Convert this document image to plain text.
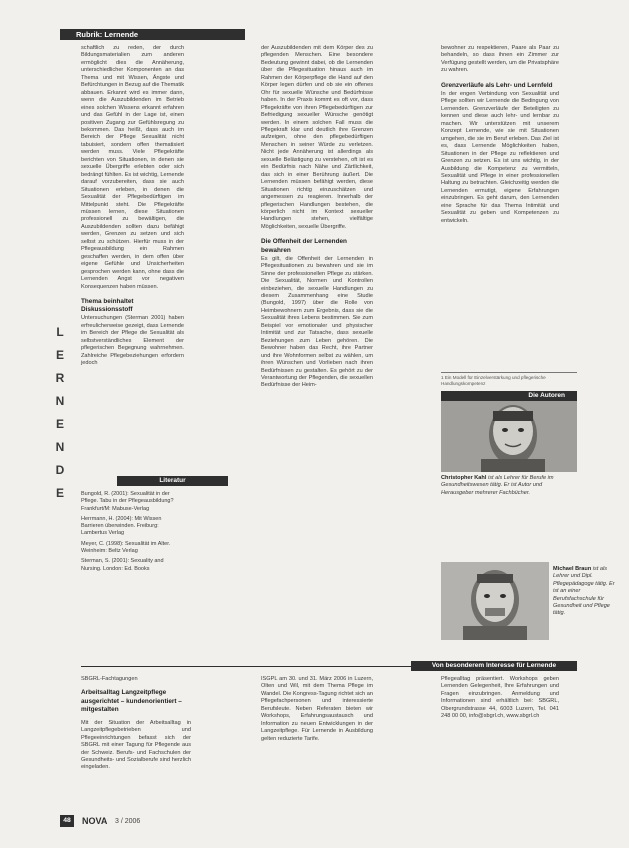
Rubrik: Lernende
L
E
R
N
E
N
D
E

schaftlich zu reden, der durch Bildungsmaterialien zum anderen ermöglicht dies die Annäherung, unterschiedlicher Komponenten an das Thema und mit Wissen, Ängste und Befürchtungen in Bezug auf die Thematik abbauen. Erkannt wird es immer dann, wenn die Auszubildenden im Betrieb eines solchen Wissens erkannt erfahren und das Gefühl in der Lage ist, einen positiven Zugang zur Gefühlsregung zu bekommen. Das heißt, dass auch im Bereich der Pflege Sexualität nicht tabuisiert, sondern offen thematisiert werden muss. Viele Pflegekräfte berichten von Situationen, in denen sie sexuelle Übergriffe erlebten oder sich bedrängt fühlten. Es ist wichtig, Lernende darauf vorzubereiten, dass sie auch Situationen erleben, in denen die Sexualität der Pflegebedürftigen im Mittelpunkt steht. Die Pflegekräfte müssen lernen, diese Situationen professionell zu bewältigen, die Auszubildenden sollten dazu befähigt werden, Grenzen zu setzen und sich selbst zu schützen. Hierfür muss in der Pflegeausbildung ein Rahmen geschaffen werden, in dem offen über eigene Gefühle und Unsicherheiten gesprochen werden kann, ohne dass die Lernenden Angst vor negativen Konsequenzen haben müssen.

Thema beinhaltet Diskussionsstoff

Untersuchungen (Sterman 2001) haben erfreulicherweise gezeigt, dass Lernende im Bereich der Pflege die Sexualität als selbstverständliches Element der pflegerischen Begegnung wahrnehmen. Zahlreiche Pflegebeziehungen erfordern jedoch

der Auszubildenden mit dem Körper des zu pflegenden Menschen. Eine besondere Bedeutung gewinnt dabei, ob die Lernenden über die Pflegesituation hinaus auch im Rahmen der Körperpflege die Hand auf den Körper legen dürfen und ob sie ein offenes Ohr für sexuelle Wünsche und Bedürfnisse haben. In der Praxis kommt es oft vor, dass Pflegekräfte von ihren Pflegebedürftigen zur Befriedigung sexueller Wünsche genötigt werden. In einem solchen Fall muss die Pflegekraft klar und deutlich ihre Grenzen aufzeigen, ohne den pflegebedürftigen Menschen in seiner Würde zu verletzen. Nicht jede Annäherung ist allerdings als sexuelle Belästigung zu verstehen, oft ist es ein Bedürfnis nach Nähe und Zärtlichkeit, das sich in einer Berührung äußert. Die Lernenden müssen befähigt werden, diese Situationen richtig einzuschätzen und angemessen zu reagieren. Innerhalb der pflegerischen Handlungen bestehen, die körperlich nicht im Kontext sexueller Handlungen stehen, vielfältige Möglichkeiten, sexuelle Übergriffe.

Die Offenheit der Lernenden bewahren

Es gilt, die Offenheit der Lernenden in Pflegesituationen zu bewahren und sie im Sinne der professionellen Pflege zu stärken. Die Sexualität, Normen und Kontrollen einbeziehen, die sexuelle Handlungen zu diesem Zusammenhang eine Studie (Bungold, 1997) über die Rolle von Heimbewohnern zum Ergebnis, dass sie die Sexualität ihres Lebens bestimmen. Sie zum Beispiel vor emotionaler und physischer Intimität und zur Tatsache, dass sexuelle Beziehungen zum Leben gehören. Die Bewohner haben das Recht, ihre Partner und ihre Wohnformen selbst zu wählen, um ihren Wünschen und Vorlieben nach ihren Bedürfnissen zu gestalten. Es gehört zu der Verantwortung der Pflegenden, die sexuellen Bedürfnisse der Heim-

bewohner zu respektieren, Paare als Paar zu behandeln, so dass ihnen ein Zimmer zur Verfügung gestellt werden, um die Privatsphäre zu wahren.

Grenzverläufe als Lehr- und Lernfeld

In der engen Verbindung von Sexualität und Pflege sollten wir Lernende die Bedingung von Lernenden. Grenzverläufe der Beteiligten zu kennen und diese auch lehr- und lernbar zu machen. Wir unterstützen mit unserem Konzept Lernende, wie sie mit Situationen umgehen, die sie im Beruf erleben. Das Ziel ist es, dass Lernende Möglichkeiten haben, Situationen in der Pflege zu reflektieren und Grenzen zu setzen. Es ist uns wichtig, in der Ausbildung die Kompetenz zu vermitteln, Sexualität und Pflege in einer professionellen Haltung zu betrachten. Gleichzeitig werden die Lernenden ermutigt, eigene Erfahrungen einzubringen. Es geht darum, den Lernenden eine Sprache für das Thema Intimität und Sexualität zu geben und Kompetenzen zu entwickeln.

1 Ein Modell für Einzelverstärkung und pflegerische Handlungskompetenz
Literatur

Bungold, R. (2001): Sexualität in der Pflege. Tabu in der Pflegeausbildung? Frankfurt/M: Mabuse-Verlag

Herrmann, H. (2004): Mit Wissen Barrieren überwinden. Freiburg: Lambertus Verlag

Meyer, C. (1998): Sexualität im Alter. Weinheim: Beltz Verlag

Sterman, S. (2001): Sexuality and Nursing. London: Ed. Books

Die Autoren
Christopher Kahl ist als Lehrer für Berufe im Gesundheitswesen tätig. Er ist Autor und Herausgeber mehrerer Fachbücher.
Michael Braun ist als Lehrer und Dipl. Pflegepädagoge tätig. Er ist an einer Berufsfachschule für Gesundheit und Pflege tätig.
Von besonderem Interesse für Lernende
SBGRL-Fachtagungen
Arbeitsalltag Langzeitpflege ausgerichtet – kundenorientiert – mitgestalten

Mit der Situation der Arbeitsalltag in Langzeitpflegebetrieben und Pflegeeinrichtungen befasst sich der SBGRL mit einer Tagung für Pflegende aus der Schweiz. Berufs- und Fachschulen der Gesundheits- und Sozialberufe sind herzlich eingeladen.

ISGPL am 30. und 31. März 2006 in Luzern, Olten und Wil, mit dem Thema Pflege im Wandel. Die Kongress-Tagung richtet sich an Pflegefachpersonen und interessierte Berufsleute. Neben Referaten bieten wir Workshops, Erfahrungsaustausch und Information zu neuen Entwicklungen in der Langzeitpflege. Für Lernende in Ausbildung gelten reduzierte Tarife.

Pflegealltag präsentiert. Workshops geben Lernenden Gelegenheit, Ihre Erfahrungen und Fragen einzubringen. Anmeldung und Informationen sind erhältlich bei: SBGRL, Obergrundstrasse 44, 6003 Luzern, Tel. 041 248 00 00, info@sbgrl.ch, www.sbgrl.ch

48	NOVA 3 / 2006
